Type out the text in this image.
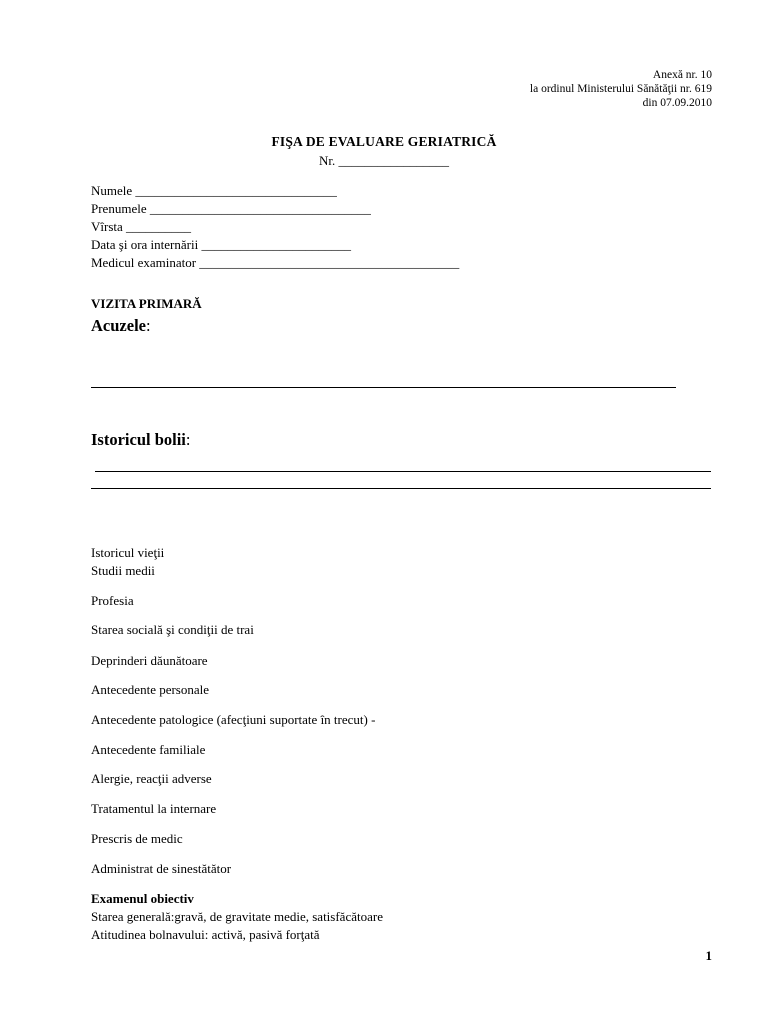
Anexă nr. 10
la ordinul Ministerului Sănătăţii nr. 619
din 07.09.2010
FIŞA DE EVALUARE GERIATRICĂ
Nr. _________________
Numele _______________________________
Prenumele __________________________________
Vîrsta __________
Data şi ora internării _______________________
Medicul examinator ________________________________________
VIZITA PRIMARĂ
Acuzele:
Istoricul bolii:
Istoricul vieţii
Studii medii
Profesia
Starea socială şi condiţii de trai
Deprinderi dăunătoare
Antecedente personale
Antecedente patologice (afecţiuni suportate în trecut) -
Antecedente familiale
Alergie, reacţii adverse
Tratamentul la internare
Prescris de medic
Administrat de sinestătător
Examenul obiectiv
Starea generală:gravă, de gravitate medie, satisfăcătoare
Atitudinea bolnavului: activă, pasivă forţată
1
